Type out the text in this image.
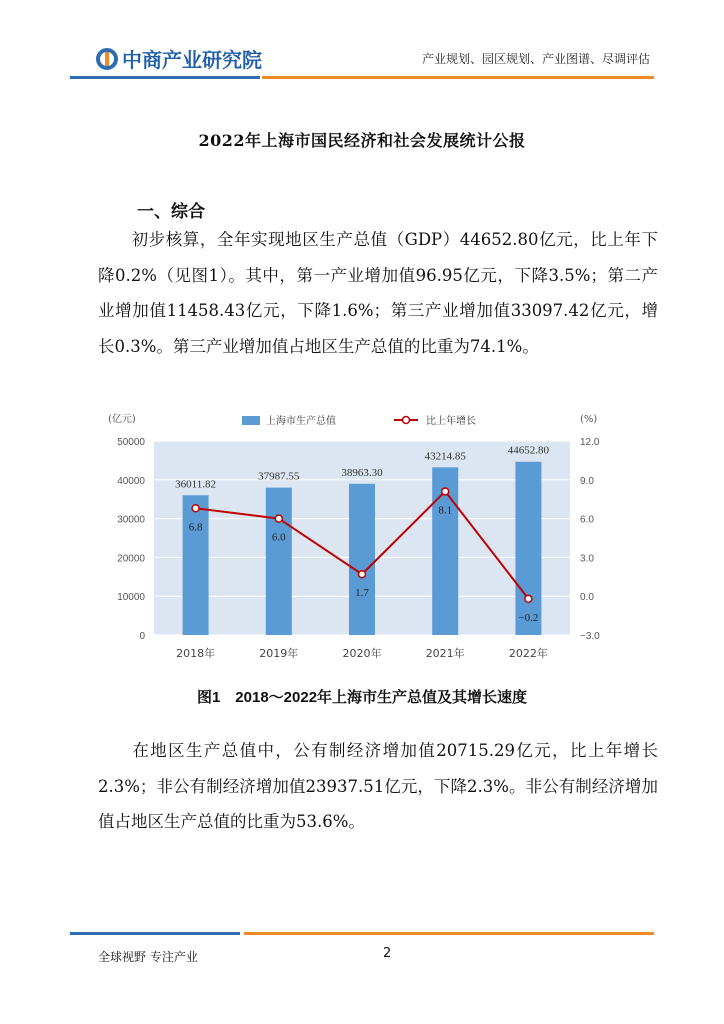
中商产业研究院	产业规划、园区规划、产业图谱、尽调评估
2022年上海市国民经济和社会发展统计公报
一、综合
初步核算，全年实现地区生产总值（GDP）44652.80亿元，比上年下降0.2%（见图1）。其中，第一产业增加值96.95亿元，下降3.5%；第二产业增加值11458.43亿元，下降1.6%；第三产业增加值33097.42亿元，增长0.3%。第三产业增加值占地区生产总值的比重为74.1%。
50000	12.0
40000	9.0
30000	6.0
20000	3.0
10000	0.0
0	−3.0
(亿元)	(%)
上海市生产总值	比上年增长
36011.82
2018年
37987.55
2019年
38963.30
2020年
43214.85
2021年
44652.80
2022年
6.8
6.0
1.7
8.1
−0.2
图1　2018～2022年上海市生产总值及其增长速度
在地区生产总值中，公有制经济增加值20715.29亿元，比上年增长2.3%；非公有制经济增加值23937.51亿元，下降2.3%。非公有制经济增加值占地区生产总值的比重为53.6%。
全球视野 专注产业	2
